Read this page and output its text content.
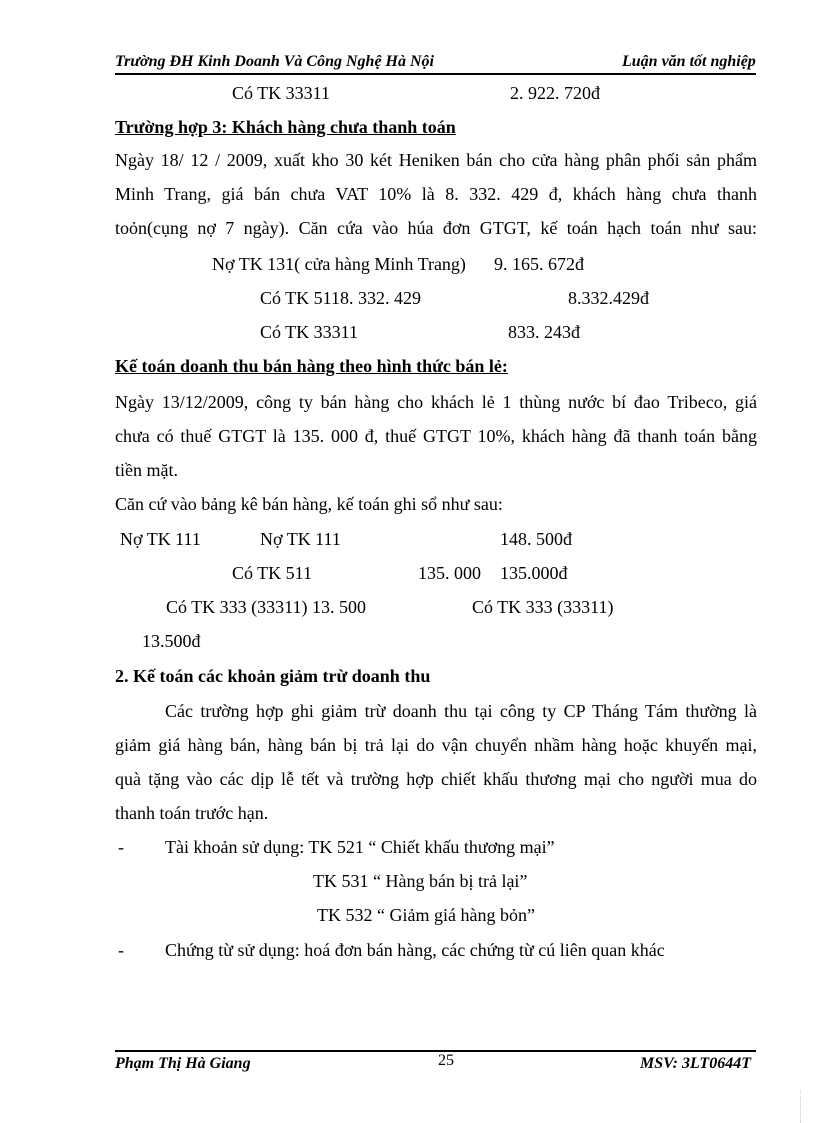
Trường ĐH Kinh Doanh Và Công Nghệ Hà Nội	Luận văn tốt nghiệp
Có TK 33311	2. 922. 720đ
Trường hợp 3: Khách hàng chưa thanh toán
Ngày 18/ 12 / 2009, xuất kho 30 két Heniken bán cho cửa hàng phân phối sản phẩm
Minh Trang, giá bán chưa VAT 10% là 8. 332. 429 đ, khách hàng chưa thanh
toỏn(cụng nợ 7 ngày). Căn cứa vào húa đơn GTGT, kế toán hạch toán như sau:
Nợ TK 131( cửa hàng Minh Trang) 9. 165. 672đ
Có TK 5118. 332. 429	8.332.429đ
Có TK 33311	833. 243đ
Kế toán doanh thu bán hàng theo hình thức bán lẻ:
Ngày 13/12/2009, công ty bán hàng cho khách lẻ 1 thùng nước bí đao Tribeco, giá
chưa có thuế GTGT là 135. 000 đ, thuế GTGT 10%, khách hàng đã thanh toán bằng
tiền mặt.
Căn cứ vào bảng kê bán hàng, kế toán ghi sổ như sau:
Nợ TK 111	Nợ TK 111	148. 500đ
Có TK 511	135. 000 135.000đ
Có TK 333 (33311) 13. 500	Có TK 333 (33311)
13.500đ
2. Kế toán các khoản giảm trừ doanh thu
Các trường hợp ghi giảm trừ doanh thu tại công ty CP Tháng Tám thường là
giảm giá hàng bán, hàng bán bị trả lại do vận chuyển nhầm hàng hoặc khuyến mại,
quà tặng vào các dịp lễ tết và trường hợp chiết khấu thương mại cho người mua do
thanh toán trước hạn.
- Tài khoản sử dụng: TK 521 “ Chiết khấu thương mại”
TK 531 “ Hàng bán bị trả lại”
TK 532 “ Giảm giá hàng bỏn”
- Chứng từ sử dụng: hoá đơn bán hàng, các chứng từ cú liên quan khác
Phạm Thị Hà Giang	25	MSV: 3LT0644T
